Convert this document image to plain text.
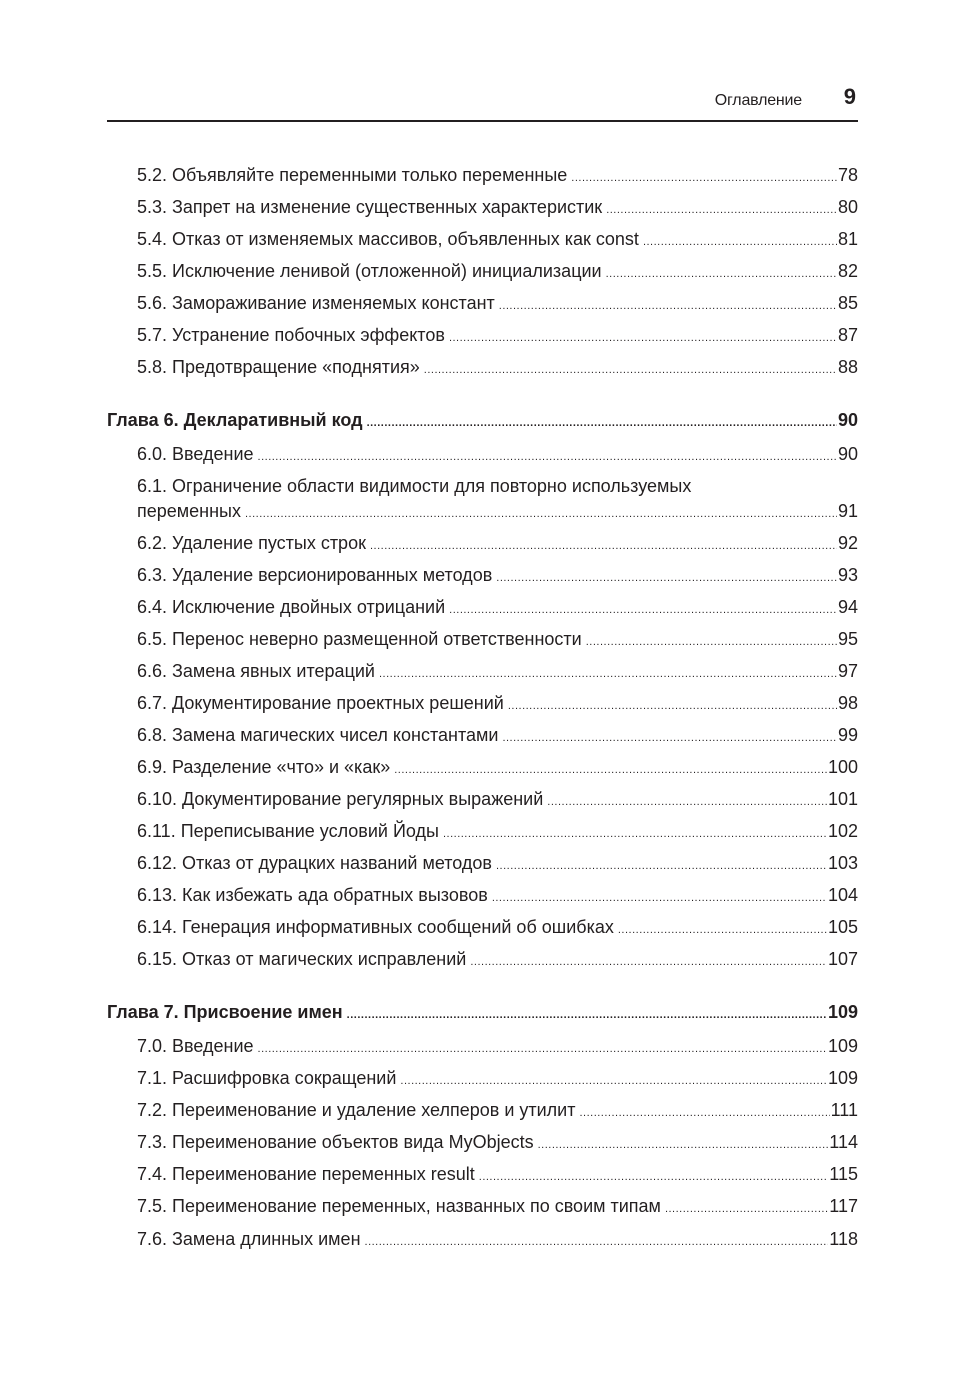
Оглавление 9
5.2. Объявляйте переменными только переменные .....	78
5.3. Запрет на изменение существенных характеристик .....	80
5.4. Отказ от изменяемых массивов, объявленных как const .....	81
5.5. Исключение ленивой (отложенной) инициализации .....	82
5.6. Замораживание изменяемых констант .....	85
5.7. Устранение побочных эффектов .....	87
5.8. Предотвращение «поднятия» .....	88
Глава 6. Декларативный код .....	90
6.0. Введение .....	90
6.1. Ограничение области видимости для повторно используемых
переменных .....	91
6.2. Удаление пустых строк .....	92
6.3. Удаление версионированных методов .....	93
6.4. Исключение двойных отрицаний .....	94
6.5. Перенос неверно размещенной ответственности .....	95
6.6. Замена явных итераций .....	97
6.7. Документирование проектных решений .....	98
6.8. Замена магических чисел константами .....	99
6.9. Разделение «что» и «как» .....	100
6.10. Документирование регулярных выражений .....	101
6.11. Переписывание условий Йоды .....	102
6.12. Отказ от дурацких названий методов .....	103
6.13. Как избежать ада обратных вызовов .....	104
6.14. Генерация информативных сообщений об ошибках .....	105
6.15. Отказ от магических исправлений .....	107
Глава 7. Присвоение имен .....	109
7.0. Введение .....	109
7.1. Расшифровка сокращений .....	109
7.2. Переименование и удаление хелперов и утилит .....	111
7.3. Переименование объектов вида MyObjects .....	114
7.4. Переименование переменных result .....	115
7.5. Переименование переменных, названных по своим типам .....	117
7.6. Замена длинных имен .....	118
